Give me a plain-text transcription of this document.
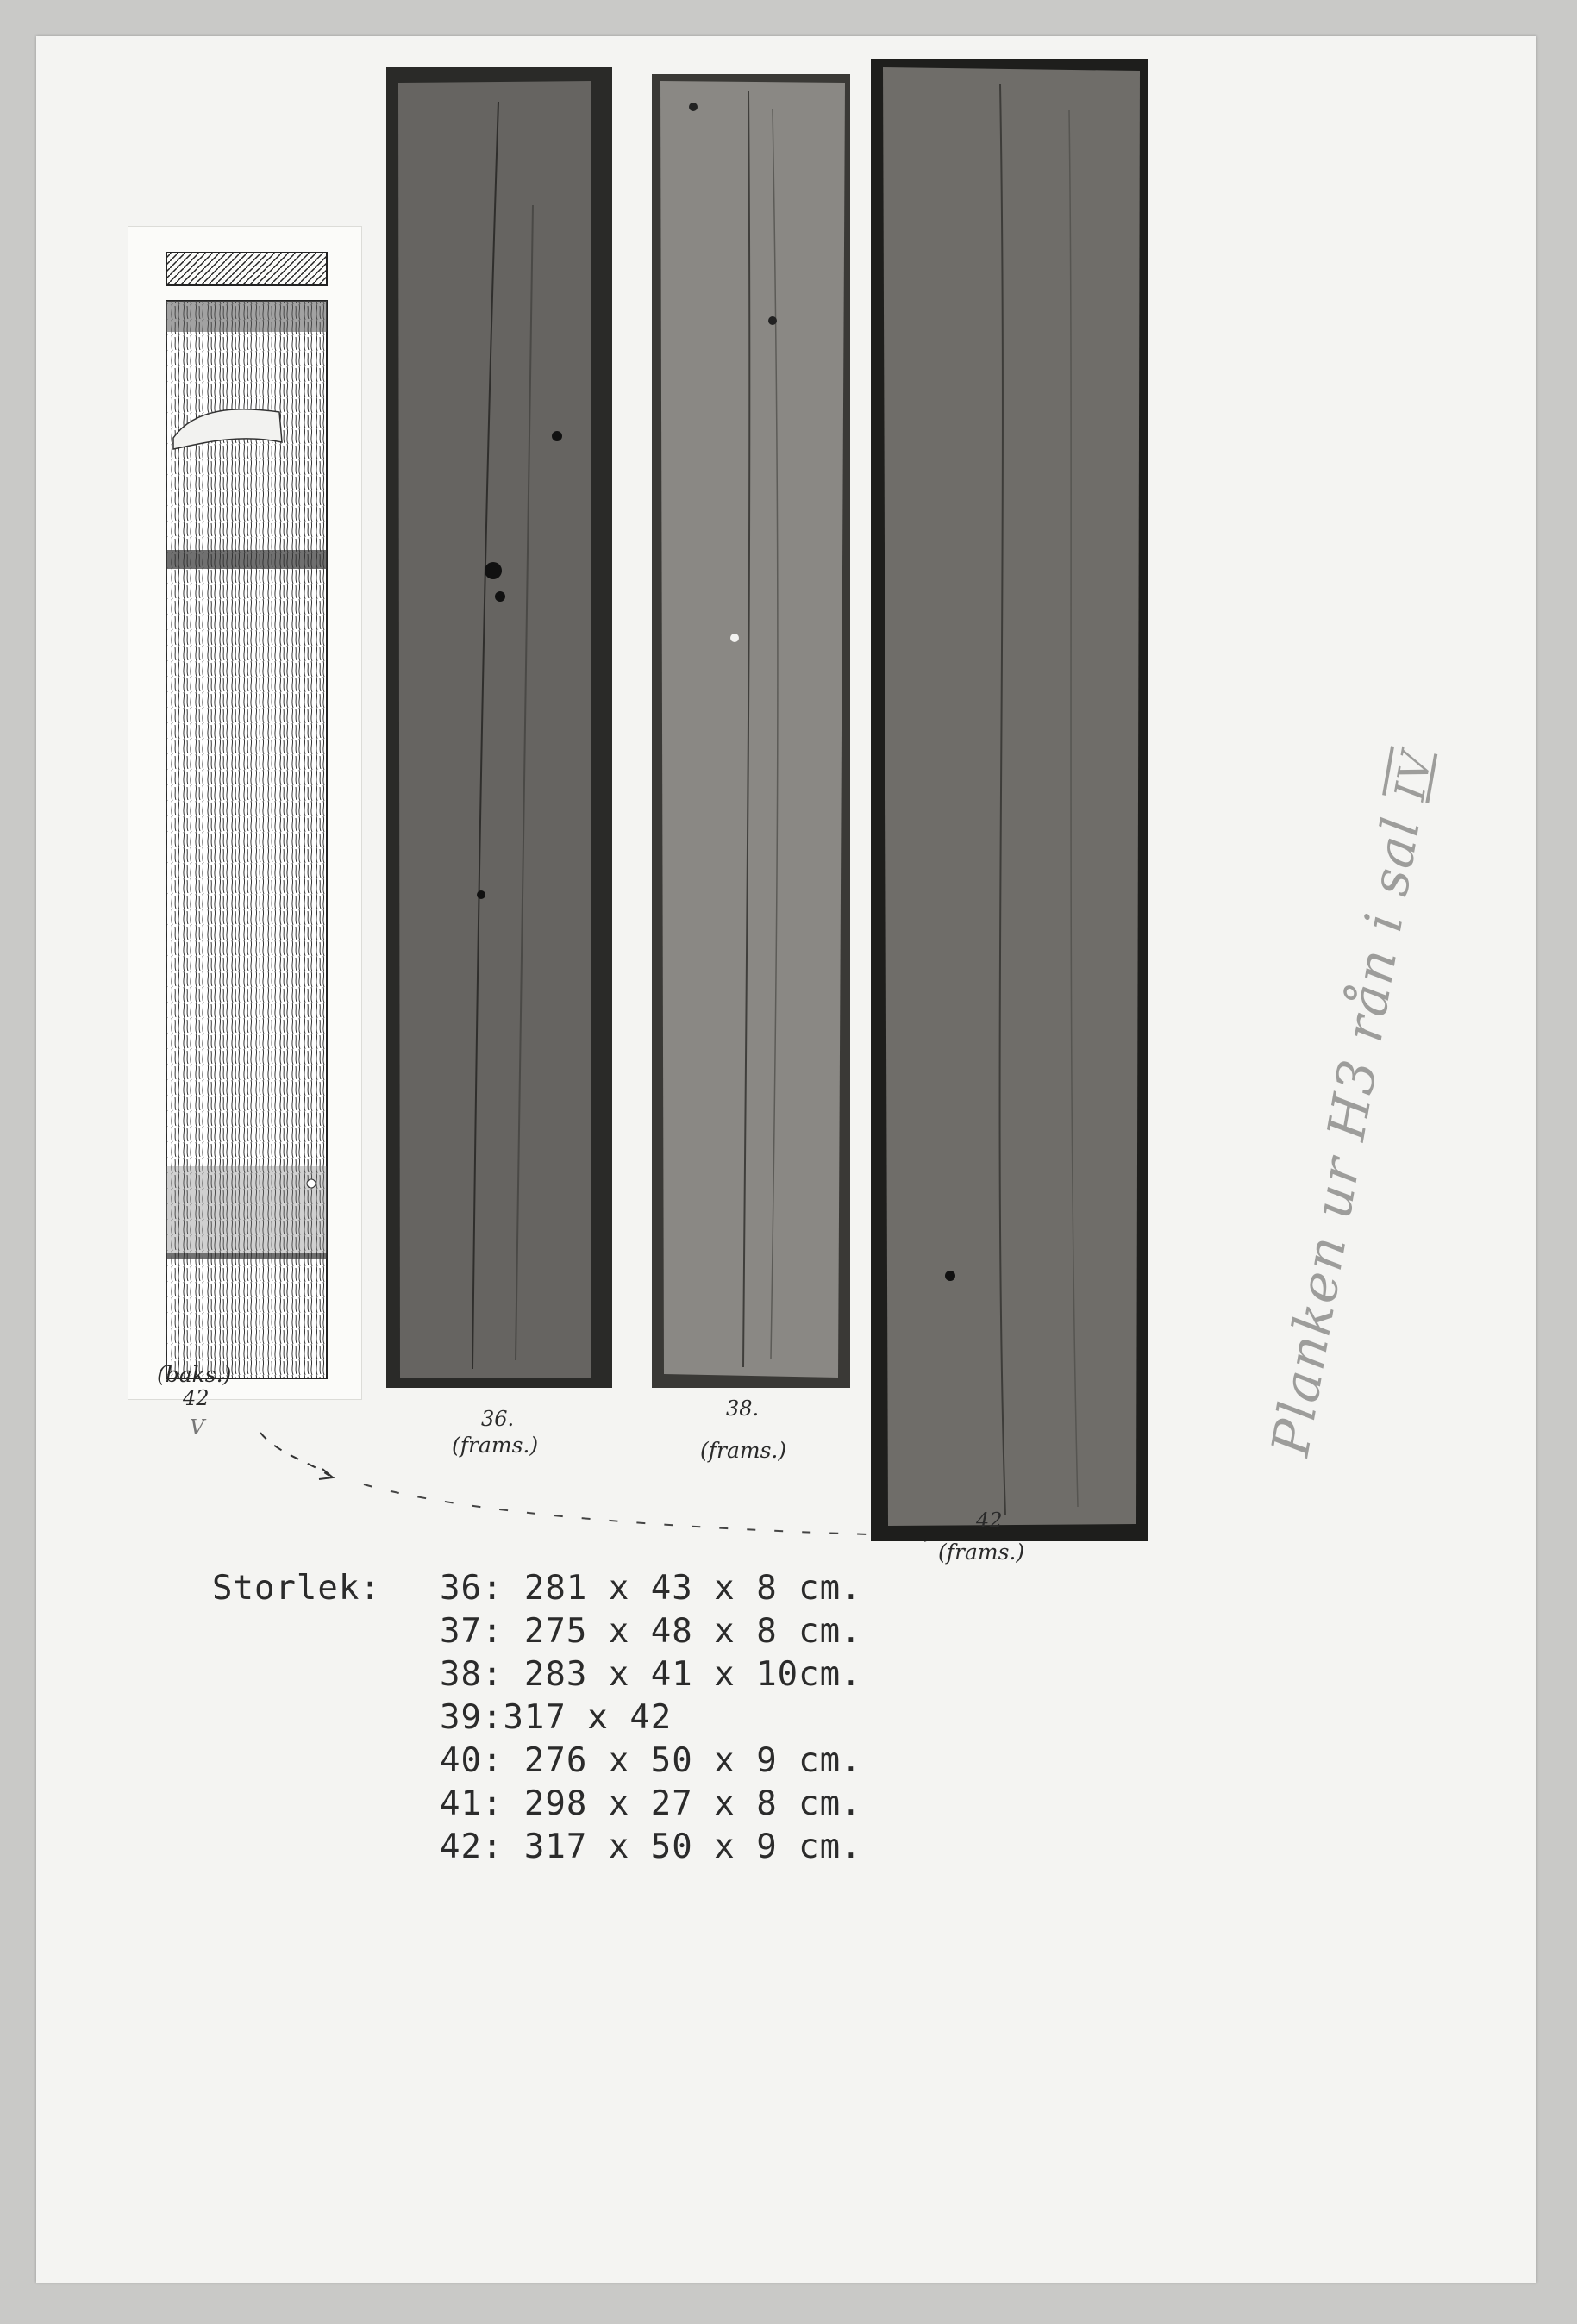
(baks.)
42
V	36.
(frams.)
38.
(frams.)
42
(frams.)
Storlek: 36: 281 x 43 x 8 cm.
37: 275 x 48 x 8 cm.
38: 283 x 41 x 10cm.
39:317 x 42
40: 276 x 50 x 9 cm.
41: 298 x 27 x 8 cm.
42: 317 x 50 x 9 cm.
Planken ur H3 rån i sal IV
